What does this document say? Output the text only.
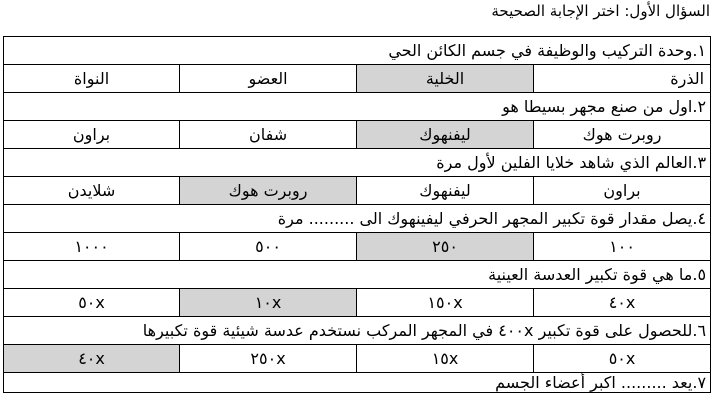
السؤال الأول: اختر الإجابة الصحيحة
١.وحدة التركيب والوظيفة في جسم الكائن الحي			
الذرة	الخلية	العضو	النواة
٢.اول من صنع مجهر بسيطا هو			
روبرت هوك	ليفنهوك	شفان	براون
٣.العالم الذي شاهد خلايا الفلين لأول مرة			
براون	ليفنهوك	روبرت هوك	شلايدن
٤.يصل مقدار قوة تكبير المجهر الحرفي ليفينهوك الى ......... مرة			
١٠٠	٢٥٠	٥٠٠	١٠٠٠
٥.ما هي قوة تكبير العدسة العينية			
٤٠x	١٥٠x	١٠x	٥٠x
٦.للحصول على قوة تكبير ٤٠٠x في المجهر المركب نستخدم عدسة شيئية قوة تكبيرها			
٥٠x	١٥x	٢٥٠x	٤٠x
٧.يعد ......... اكبر أعضاء الجسم			
